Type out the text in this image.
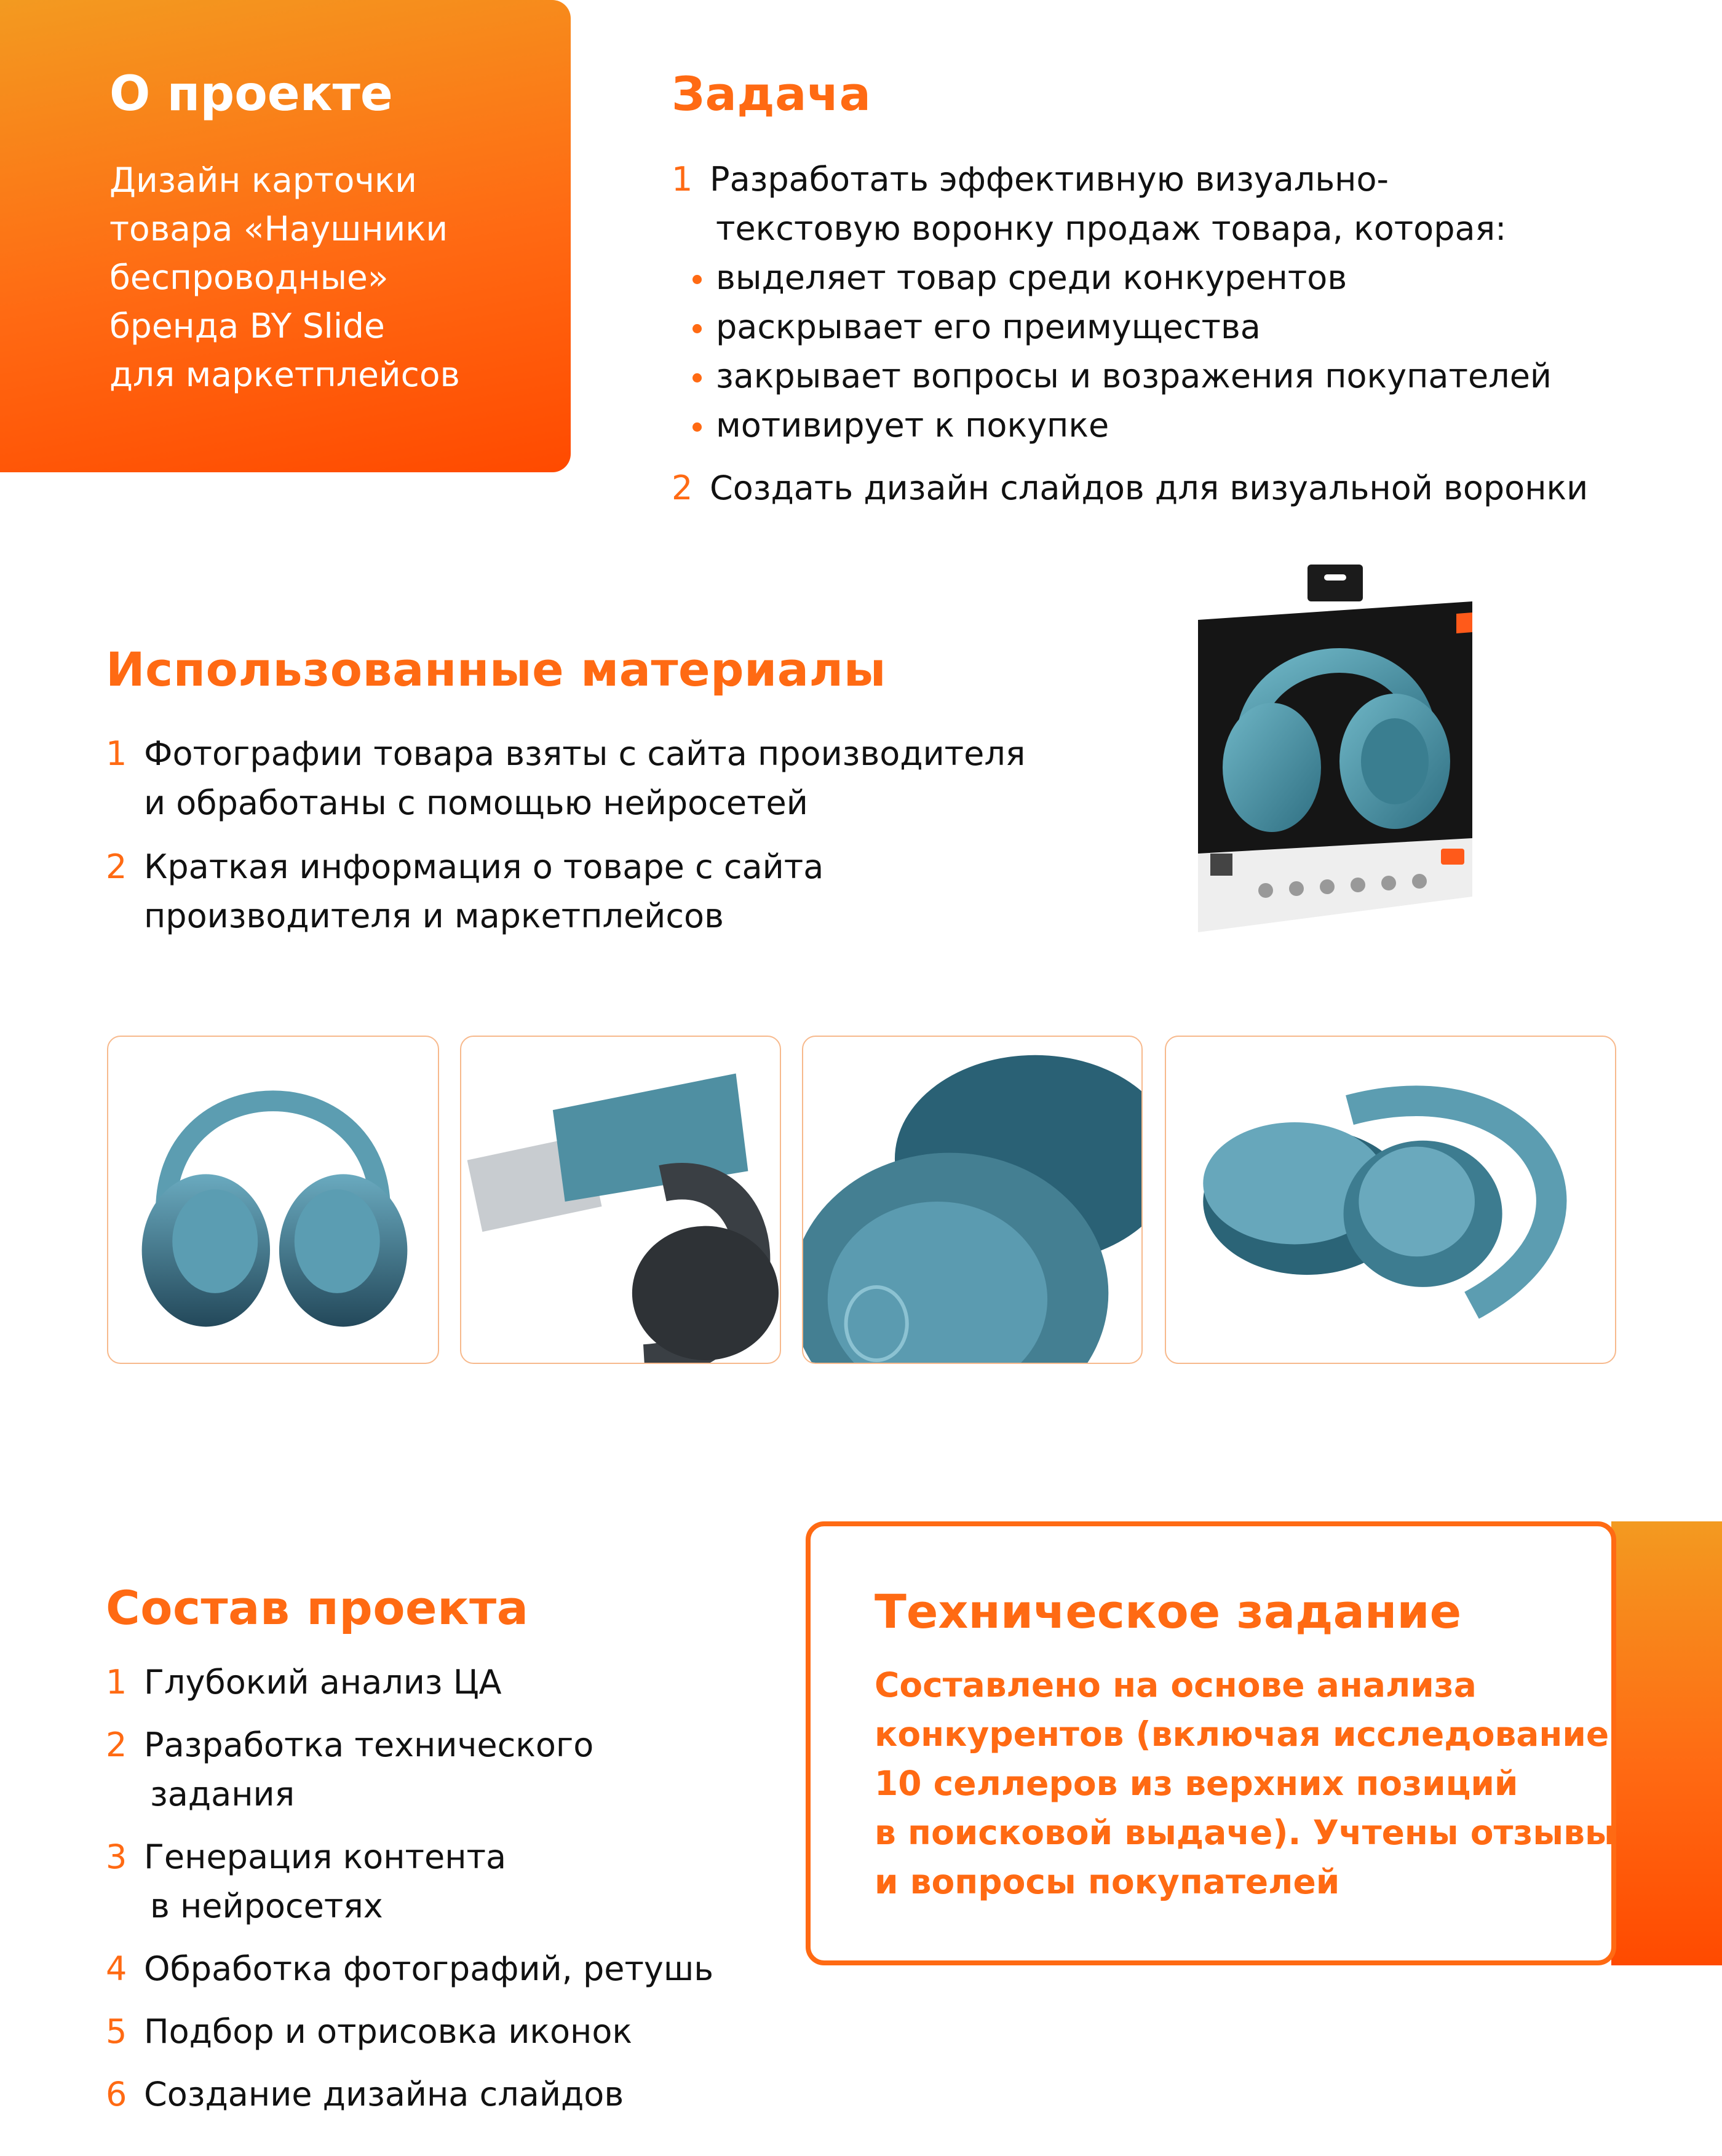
О проекте
Дизайн карточки
товара «Наушники
беспроводные»
бренда BY Slide
для маркетплейсов
Задача
1 Разработать эффективную визуально-
текстовую воронку продаж товара, которая:
выделяет товар среди конкурентов
раскрывает его преимущества
закрывает вопросы и возражения покупателей
мотивирует к покупке
2 Создать дизайн слайдов для визуальной воронки
Использованные материалы
1 Фотографии товара взяты с сайта производителя
и обработаны с помощью нейросетей
2 Краткая информация о товаре с сайта
производителя и маркетплейсов
Состав проекта
1 Глубокий анализ ЦА
2 Разработка технического
задания
3 Генерация контента
в нейросетях
4 Обработка фотографий, ретушь
5 Подбор и отрисовка иконок
6 Создание дизайна слайдов
Техническое задание
Составлено на основе анализа
конкурентов (включая исследование
10 селлеров из верхних позиций
в поисковой выдаче). Учтены отзывы
и вопросы покупателей
